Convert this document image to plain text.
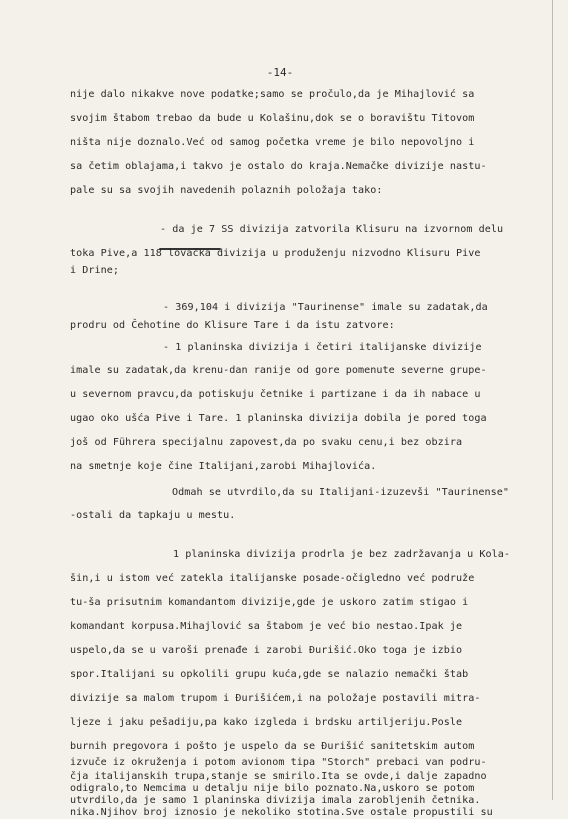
-14-
nije dalo nikakve nove podatke;samo se pročulo,da je Mihajlović sa
svojim štabom trebao da bude u Kolašinu,dok se o boravištu Titovom
ništa nije doznalo.Već od samog početka vreme je bilo nepovoljno i
sa četim oblajama,i takvo je ostalo do kraja.Nemačke divizije nastu-
pale su sa svojih navedenih polaznih položaja tako:
- da je 7 SS divizija zatvorila Klisuru na izvornom delu
toka Pive,a 118 lovačka divizija u produženju nizvodno Klisuru Pive
i Drine;
- 369,104 i divizija "Taurinense" imale su zadatak,da
prodru od Čehotine do Klisure Tare i da istu zatvore:
- 1 planinska divizija i četiri italijanske divizije
imale su zadatak,da krenu-dan ranije od gore pomenute severne grupe-
u severnom pravcu,da potiskuju četnike i partizane i da ih nabace u
ugao oko ušća Pive i Tare. 1 planinska divizija dobila je pored toga
još od Führera specijalnu zapovest,da po svaku cenu,i bez obzira
na smetnje koje čine Italijani,zarobi Mihajlovića.
Odmah se utvrdilo,da su Italijani-izuzevši "Taurinense"
-ostali da tapkaju u mestu.
1 planinska divizija prodrla je bez zadržavanja u Kola-
šin,i u istom već zatekla italijanske posade-očigledno već podruže
tu-ša prisutnim komandantom divizije,gde je uskoro zatim stigao i
komandant korpusa.Mihajlović sa štabom je već bio nestao.Ipak je
uspelo,da se u varoši prenađe i zarobi Đurišić.Oko toga je izbio
spor.Italijani su opkolili grupu kuća,gde se nalazio nemački štab
divizije sa malom trupom i Đurišićem,i na položaje postavili mitra-
ljeze i jaku pešadiju,pa kako izgleda i brdsku artiljeriju.Posle
burnih pregovora i pošto je uspelo da se Đurišić sanitetskim autom
izvuče iz okruženja i potom avionom tipa "Storch" prebaci van podru-
čja italijanskih trupa,stanje se smirilo.Ita se ovde,i dalje zapadno
odigralo,to Nemcima u detalju nije bilo poznato.Na,uskoro se potom
utvrdilo,da je samo 1 planinska divizija imala zarobljenih četnika.
nika.Njihov broj iznosio je nekoliko stotina.Sve ostale propustili su
